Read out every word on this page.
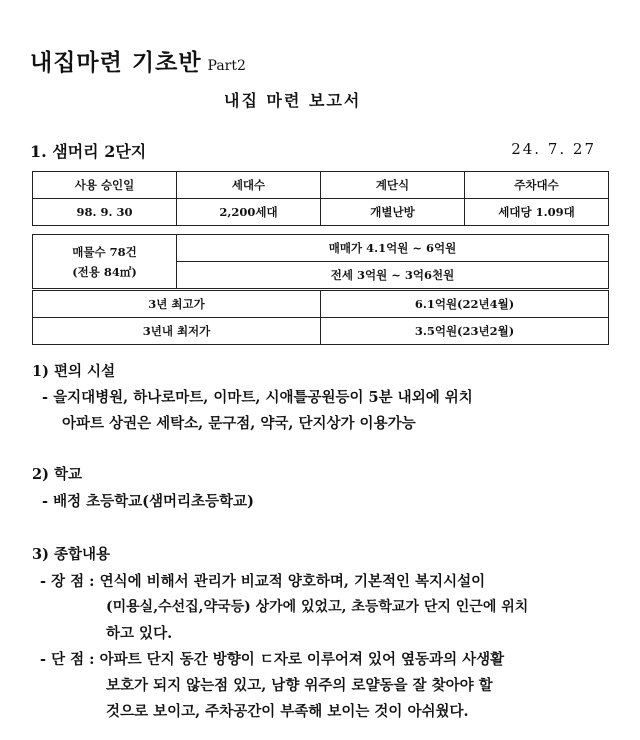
내집마련 기초반 Part2
내집 마련 보고서
1. 샘머리 2단지	24. 7. 27
사용 승인일	세대수	계단식	주차대수
98. 9. 30	2,200세대	개별난방	세대당 1.09대
매물수 78건
(전용 84㎡)
	매매가 4.1억원 ~ 6억원
전세 3억원 ~ 3억6천원
3년 최고가	6.1억원(22년4월)
3년내 최저가	3.5억원(23년2월)
1) 편의 시설
- 을지대병원, 하나로마트, 이마트, 시애틀공원등이 5분 내외에 위치
아파트 상권은 세탁소, 문구점, 약국, 단지상가 이용가능
2) 학교
- 배정 초등학교(샘머리초등학교)
3) 종합내용
- 장 점 : 연식에 비해서 관리가 비교적 양호하며, 기본적인 복지시설이
(미용실,수선집,약국등) 상가에 있었고, 초등학교가 단지 인근에 위치
하고 있다.
- 단 점 : 아파트 단지 동간 방향이 ㄷ자로 이루어져 있어 옆동과의 사생활
보호가 되지 않는점 있고, 남향 위주의 로얄동을 잘 찾아야 할
것으로 보이고, 주차공간이 부족해 보이는 것이 아쉬웠다.
